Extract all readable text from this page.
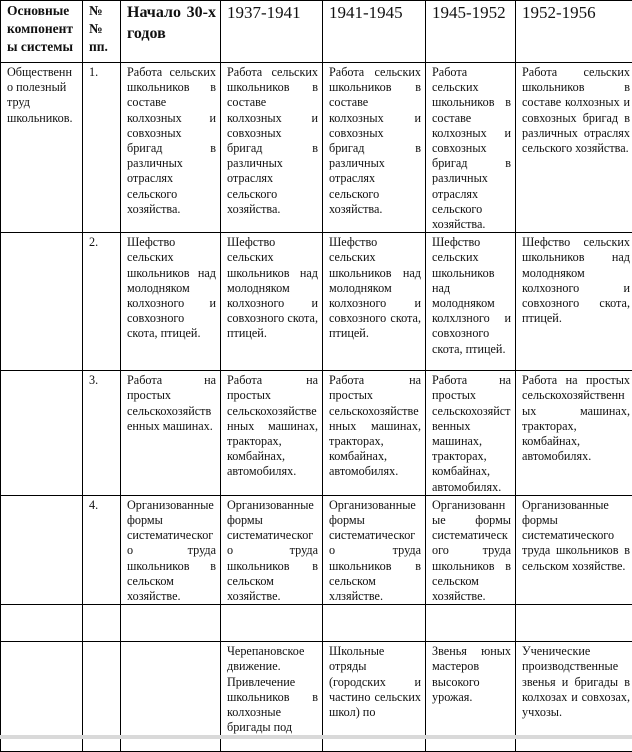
Основные компоненты системы	№ № пп.	Начало 30-х годов	1937-1941	1941-1945	1945-1952	1952-1956
Общественно полезный труд школьников.	1.	Работа сельских школьников в составе колхозных и совхозных бригад в различных отраслях сельского хозяйства.	Работа сельских школьников в составе колхозных и совхозных бригад в различных отраслях сельского хозяйства.	Работа сельских школьников в составе колхозных и совхозных бригад в различных отраслях сельского хозяйства.	Работа сельских школьников в составе колхозных и совхозных бригад в различных отраслях сельского хозяйства.	Работа сельских школьников в составе колхозных и совхозных бригад в различных отраслях сельского хозяйства.
	2.	Шефство сельских школьников над молодняком колхозного и совхозного скота, птицей.	Шефство сельских школьников над молодняком колхозного и совхозного скота, птицей.	Шефство сельских школьников над молодняком колхозного и совхозного скота, птицей.	Шефство сельских школьников над молодняком колхлзного и совхозного скота, птицей.	Шефство сельских школьников над молодняком колхозного и совхозного скота, птицей.
	3.	Работа на простых сельскохозяйственных машинах.	Работа на простых сельскохозяйственных машинах, тракторах, комбайнах, автомобилях.	Работа на простых сельскохозяйственных машинах, тракторах, комбайнах, автомобилях.	Работа на простых сельскохозяйственных машинах, тракторах, комбайнах, автомобилях.	Работа на простых сельскохозяйственных машинах, тракторах, комбайнах, автомобилях.
	4.	Организованные формы систематического труда школьников в сельском хозяйстве.	Организованные формы систематического труда школьников в сельском хозяйстве.	Организованные формы систематического труда школьников в сельском хлзяйстве.	Организованные формы систематического труда школьников в сельском хозяйстве.	Организованные формы систематического труда школьников в сельском хозяйстве.

			Черепановское движение. Привлечение школьников в колхозные бригады под	Школьные отряды (городских и частино сельских школ) по	Звенья юных мастеров высокого урожая.	Ученические производственные звенья и бригады в колхозах и совхозах, учхозы.
